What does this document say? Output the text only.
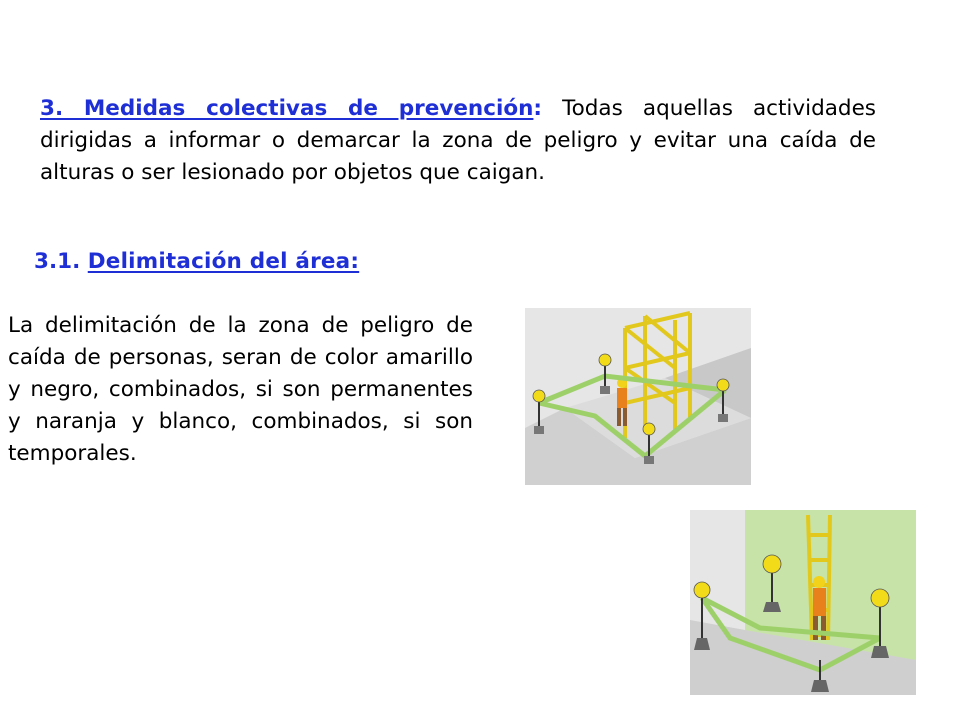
3. Medidas colectivas de prevención: Todas aquellas actividades dirigidas a informar o demarcar la zona de peligro y evitar una caída de alturas o ser lesionado por objetos que caigan.

3.1. Delimitación del área:

La delimitación de la zona de peligro de caída de personas, seran de color amarillo y negro, combinados, si son permanentes y naranja y blanco, combinados, si son temporales.
